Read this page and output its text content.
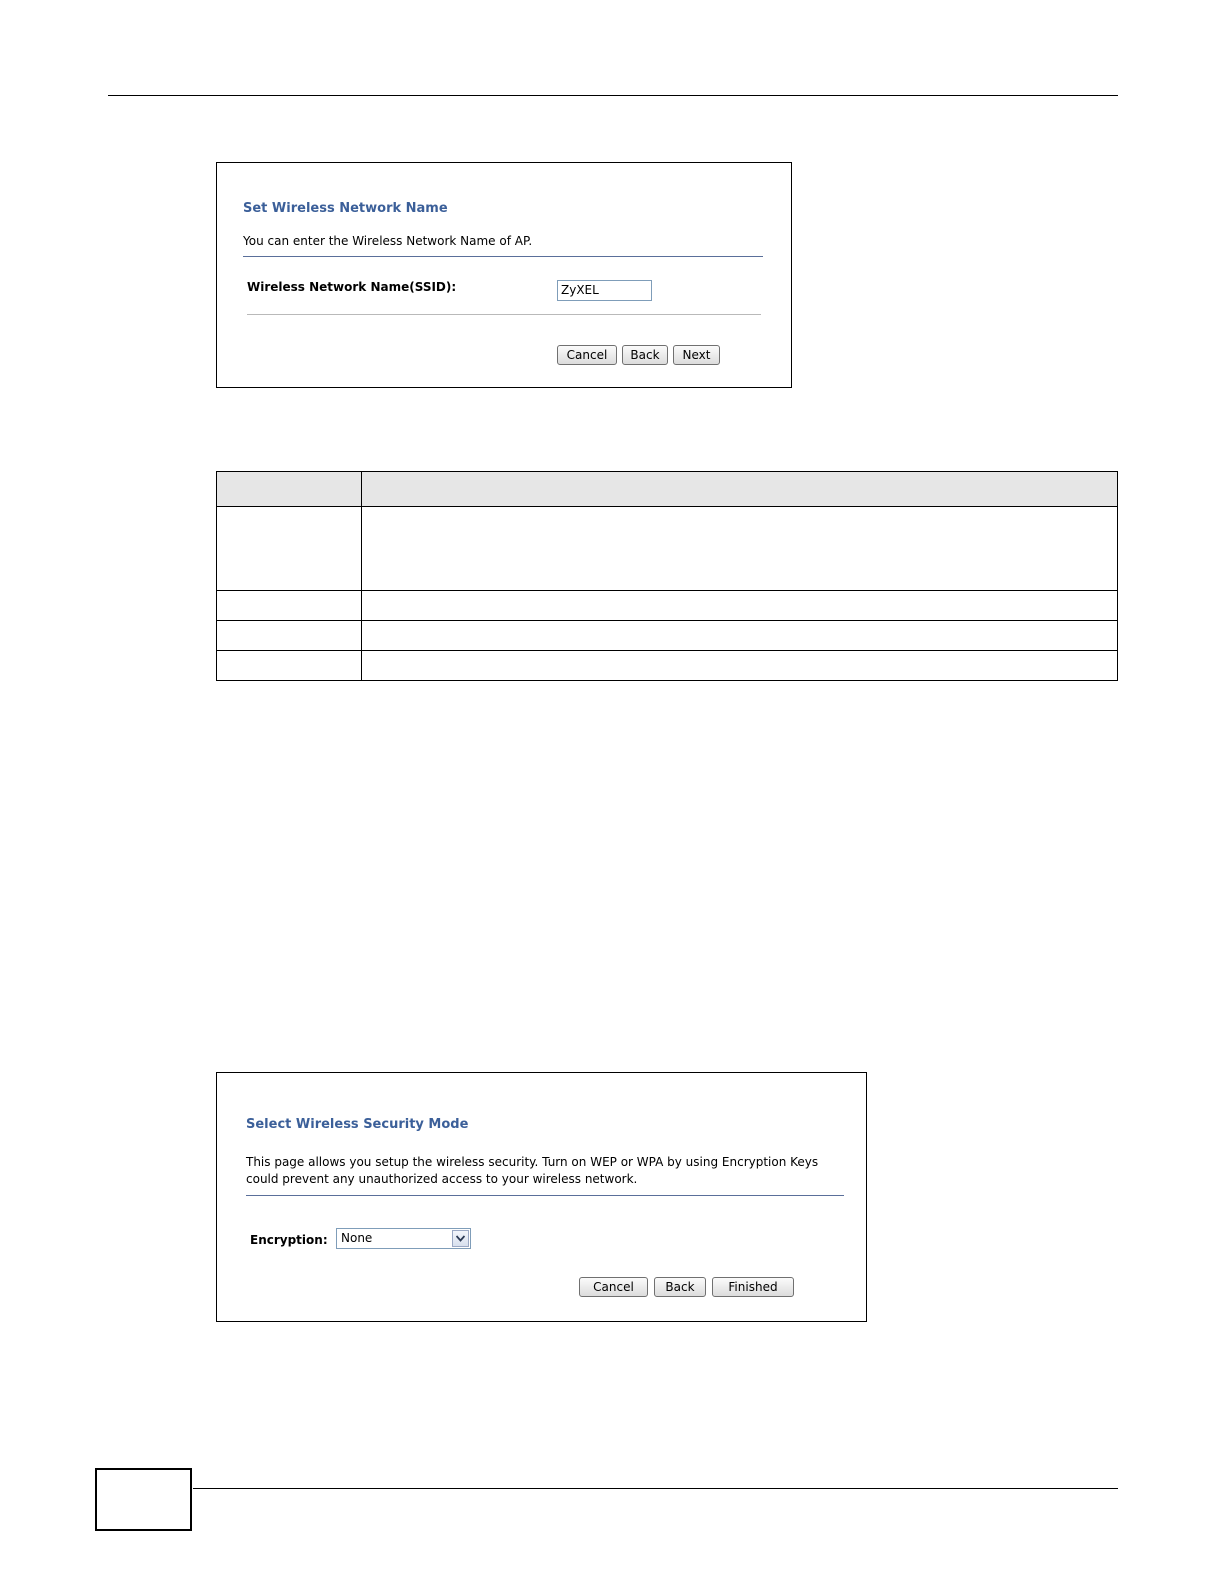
Set Wireless Network Name
You can enter the Wireless Network Name of AP.
Wireless Network Name(SSID):	ZyXEL
Cancel	Back	Next

Select Wireless Security Mode
This page allows you setup the wireless security. Turn on WEP or WPA by using Encryption Keys
could prevent any unauthorized access to your wireless network.
Encryption:	None
Cancel	Back	Finished
